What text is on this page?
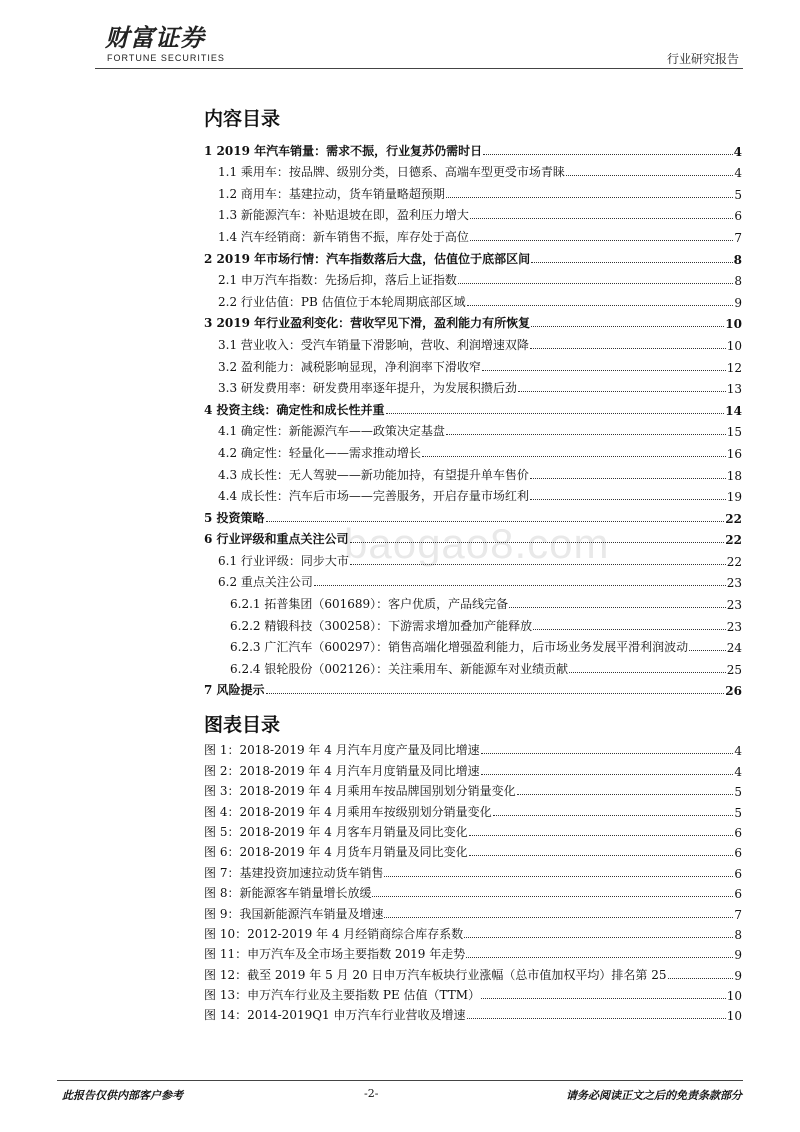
财富证券
FORTUNE SECURITIES	行业研究报告
baogao8.com
内容目录
1 2019 年汽车销量：需求不振，行业复苏仍需时日	4
1.1 乘用车：按品牌、级别分类，日德系、高端车型更受市场青睐	4
1.2 商用车：基建拉动，货车销量略超预期	5
1.3 新能源汽车：补贴退坡在即，盈利压力增大	6
1.4 汽车经销商：新车销售不振，库存处于高位	7
2 2019 年市场行情：汽车指数落后大盘，估值位于底部区间	8
2.1 申万汽车指数：先扬后抑，落后上证指数	8
2.2 行业估值：PB 估值位于本轮周期底部区域	9
3 2019 年行业盈利变化：营收罕见下滑，盈利能力有所恢复	10
3.1 营业收入：受汽车销量下滑影响，营收、利润增速双降	10
3.2 盈利能力：减税影响显现，净利润率下滑收窄	12
3.3 研发费用率：研发费用率逐年提升，为发展积攒后劲	13
4 投资主线：确定性和成长性并重	14
4.1 确定性：新能源汽车——政策决定基盘	15
4.2 确定性：轻量化——需求推动增长	16
4.3 成长性：无人驾驶——新功能加持，有望提升单车售价	18
4.4 成长性：汽车后市场——完善服务，开启存量市场红利	19
5 投资策略	22
6 行业评级和重点关注公司	22
6.1 行业评级：同步大市	22
6.2 重点关注公司	23
6.2.1 拓普集团（601689）：客户优质，产品线完备	23
6.2.2 精锻科技（300258）：下游需求增加叠加产能释放	23
6.2.3 广汇汽车（600297）：销售高端化增强盈利能力，后市场业务发展平滑利润波动	24
6.2.4 银轮股份（002126）：关注乘用车、新能源车对业绩贡献	25
7 风险提示	26
图表目录
图 1：2018-2019 年 4 月汽车月度产量及同比增速	4
图 2：2018-2019 年 4 月汽车月度销量及同比增速	4
图 3：2018-2019 年 4 月乘用车按品牌国别划分销量变化	5
图 4：2018-2019 年 4 月乘用车按级别划分销量变化	5
图 5：2018-2019 年 4 月客车月销量及同比变化	6
图 6：2018-2019 年 4 月货车月销量及同比变化	6
图 7：基建投资加速拉动货车销售	6
图 8：新能源客车销量增长放缓	6
图 9：我国新能源汽车销量及增速	7
图 10：2012-2019 年 4 月经销商综合库存系数	8
图 11：申万汽车及全市场主要指数 2019 年走势	9
图 12：截至 2019 年 5 月 20 日申万汽车板块行业涨幅（总市值加权平均）排名第 25	9
图 13：申万汽车行业及主要指数 PE 估值（TTM）	10
图 14：2014-2019Q1 申万汽车行业营收及增速	10
此报告仅供内部客户参考	-2-	请务必阅读正文之后的免责条款部分
